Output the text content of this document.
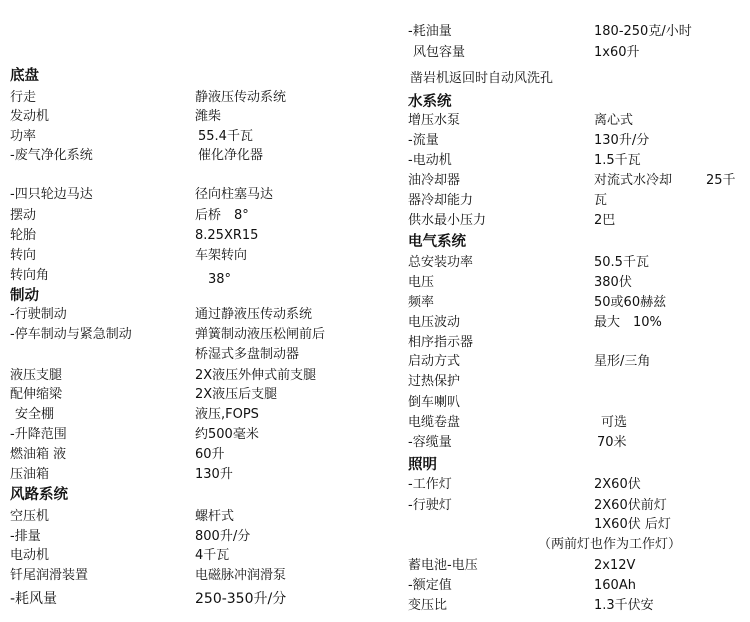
底盘
行走	静液压传动系统
发动机	潍柴
功率	55.4千瓦
-废气净化系统	催化净化器
-四只轮边马达	径向柱塞马达
摆动	后桥　8°
轮胎	8.25XR15
转向	车架转向
转向角	38°
制动
-行驶制动	通过静液压传动系统
-停车制动与紧急制动	弹簧制动液压松闸前后
桥湿式多盘制动器
液压支腿	2X液压外伸式前支腿
配伸缩梁	2X液压后支腿
安全棚	液压,FOPS
-升降范围	约500毫米
燃油箱 液	60升
压油箱	130升
风路系统
空压机	螺杆式
-排量	800升/分
电动机	4千瓦
钎尾润滑装置	电磁脉冲润滑泵
-耗风量	250-350升/分
-耗油量	180-250克/小时
风包容量	1x60升
凿岩机返回时自动风洗孔
水系统
增压水泵	离心式
-流量	130升/分
-电动机	1.5千瓦
油冷却器	对流式水冷却	25千
器冷却能力	瓦
供水最小压力	2巴
电气系统
总安装功率	50.5千瓦
电压	380伏
频率	50或60赫兹
电压波动	最大　10%
相序指示器
启动方式	星形/三角
过热保护
倒车喇叭
电缆卷盘	可选
-容缆量	70米
照明
-工作灯	2X60伏
-行驶灯	2X60伏前灯
1X60伏 后灯
（两前灯也作为工作灯）
蓄电池-电压	2x12V
-额定值	160Ah
变压比	1.3千伏安
